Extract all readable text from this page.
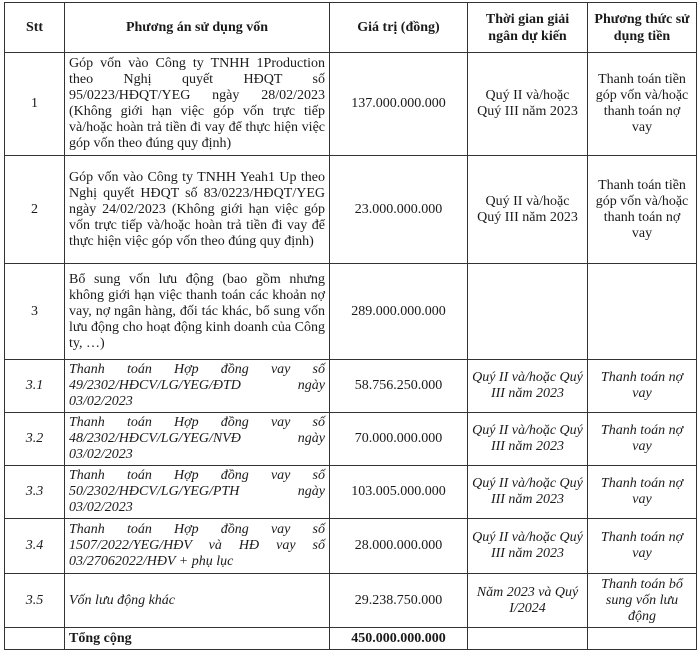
Stt	Phương án sử dụng vốn	Giá trị (đồng)	Thời gian giải ngân dự kiến	Phương thức sử dụng tiền
1	Góp vốn vào Công ty TNHH 1Production theo Nghị quyết HĐQT số 95/0223/HĐQT/YEG ngày 28/02/2023 (Không giới hạn việc góp vốn trực tiếp và/hoặc hoàn trả tiền đi vay để thực hiện việc góp vốn theo đúng quy định)	137.000.000.000	Quý II và/hoặc Quý III năm 2023	Thanh toán tiền góp vốn và/hoặc thanh toán nợ vay
2	Góp vốn vào Công ty TNHH Yeah1 Up theo Nghị quyết HĐQT số 83/0223/HĐQT/YEG ngày 24/02/2023 (Không giới hạn việc góp vốn trực tiếp và/hoặc hoàn trả tiền đi vay để thực hiện việc góp vốn theo đúng quy định)	23.000.000.000	Quý II và/hoặc Quý III năm 2023	Thanh toán tiền góp vốn và/hoặc thanh toán nợ vay
3	Bổ sung vốn lưu động (bao gồm nhưng không giới hạn việc thanh toán các khoản nợ vay, nợ ngân hàng, đối tác khác, bổ sung vốn lưu động cho hoạt động kinh doanh của Công ty, …)	289.000.000.000		
3.1	Thanh toán Hợp đồng vay số 49/2302/HĐCV/LG/YEG/ĐTD ngày 03/02/2023	58.756.250.000	Quý II và/hoặc Quý III năm 2023	Thanh toán nợ vay
3.2	Thanh toán Hợp đồng vay số 48/2302/HĐCV/LG/YEG/NVĐ ngày 03/02/2023	70.000.000.000	Quý II và/hoặc Quý III năm 2023	Thanh toán nợ vay
3.3	Thanh toán Hợp đồng vay số 50/2302/HĐCV/LG/YEG/PTH ngày 03/02/2023	103.005.000.000	Quý II và/hoặc Quý III năm 2023	Thanh toán nợ vay
3.4	Thanh toán Hợp đồng vay số 1507/2022/YEG/HĐV và HĐ vay số 03/27062022/HĐV + phụ lục	28.000.000.000	Quý II và/hoặc Quý III năm 2023	Thanh toán nợ vay
3.5	Vốn lưu động khác	29.238.750.000	Năm 2023 và Quý I/2024	Thanh toán bổ sung vốn lưu động
	Tổng cộng	450.000.000.000		
